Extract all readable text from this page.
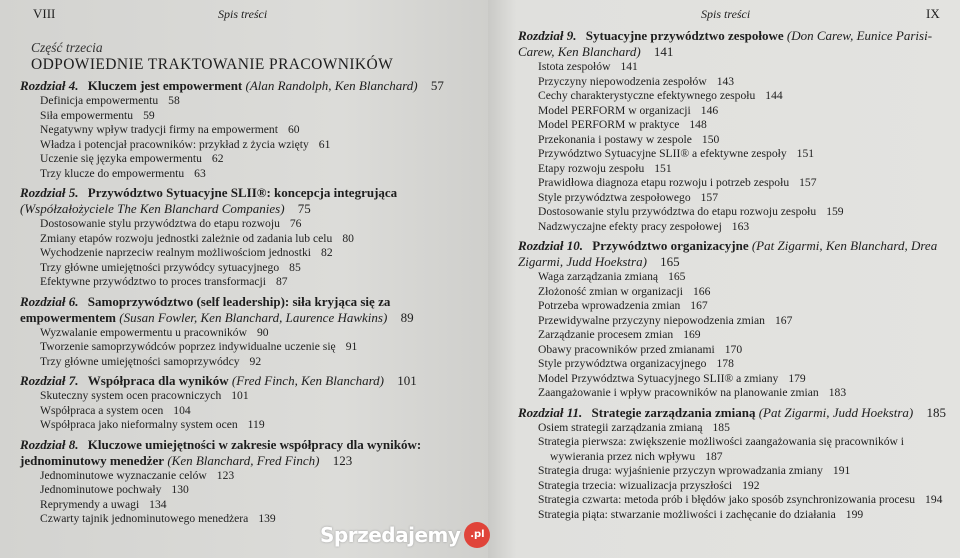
VIII	Spis treści
Część trzecia
ODPOWIEDNIE TRAKTOWANIE PRACOWNIKÓW
Rozdział 4. Kluczem jest empowerment (Alan Randolph, Ken Blanchard) 57
Definicja empowermentu 58
Siła empowermentu 59
Negatywny wpływ tradycji firmy na empowerment 60
Władza i potencjał pracowników: przykład z życia wzięty 61
Uczenie się języka empowermentu 62
Trzy klucze do empowermentu 63
Rozdział 5. Przywództwo Sytuacyjne SLII®: koncepcja integrująca (Współzałożyciele The Ken Blanchard Companies) 75
Dostosowanie stylu przywództwa do etapu rozwoju 76
Zmiany etapów rozwoju jednostki zależnie od zadania lub celu 80
Wychodzenie naprzeciw realnym możliwościom jednostki 82
Trzy główne umiejętności przywódcy sytuacyjnego 85
Efektywne przywództwo to proces transformacji 87
Rozdział 6. Samoprzywództwo (self leadership): siła kryjąca się za empowermentem (Susan Fowler, Ken Blanchard, Laurence Hawkins) 89
Wyzwalanie empowermentu u pracowników 90
Tworzenie samoprzywódców poprzez indywidualne uczenie się 91
Trzy główne umiejętności samoprzywódcy 92
Rozdział 7. Współpraca dla wyników (Fred Finch, Ken Blanchard) 101
Skuteczny system ocen pracowniczych 101
Współpraca a system ocen 104
Współpraca jako nieformalny system ocen 119
Rozdział 8. Kluczowe umiejętności w zakresie współpracy dla wyników: jednominutowy menedżer (Ken Blanchard, Fred Finch) 123
Jednominutowe wyznaczanie celów 123
Jednominutowe pochwały 130
Reprymendy a uwagi 134
Czwarty tajnik jednominutowego menedżera 139
Spis treści	IX
Rozdział 9. Sytuacyjne przywództwo zespołowe (Don Carew, Eunice Parisi-Carew, Ken Blanchard) 141
Istota zespołów 141
Przyczyny niepowodzenia zespołów 143
Cechy charakterystyczne efektywnego zespołu 144
Model PERFORM w organizacji 146
Model PERFORM w praktyce 148
Przekonania i postawy w zespole 150
Przywództwo Sytuacyjne SLII® a efektywne zespoły 151
Etapy rozwoju zespołu 151
Prawidłowa diagnoza etapu rozwoju i potrzeb zespołu 157
Style przywództwa zespołowego 157
Dostosowanie stylu przywództwa do etapu rozwoju zespołu 159
Nadzwyczajne efekty pracy zespołowej 163
Rozdział 10. Przywództwo organizacyjne (Pat Zigarmi, Ken Blanchard, Drea Zigarmi, Judd Hoekstra) 165
Waga zarządzania zmianą 165
Złożoność zmian w organizacji 166
Potrzeba wprowadzenia zmian 167
Przewidywalne przyczyny niepowodzenia zmian 167
Zarządzanie procesem zmian 169
Obawy pracowników przed zmianami 170
Style przywództwa organizacyjnego 178
Model Przywództwa Sytuacyjnego SLII® a zmiany 179
Zaangażowanie i wpływ pracowników na planowanie zmian 183
Rozdział 11. Strategie zarządzania zmianą (Pat Zigarmi, Judd Hoekstra) 185
Osiem strategii zarządzania zmianą 185
Strategia pierwsza: zwiększenie możliwości zaangażowania się pracowników i wywierania przez nich wpływu 187
Strategia druga: wyjaśnienie przyczyn wprowadzania zmiany 191
Strategia trzecia: wizualizacja przyszłości 192
Strategia czwarta: metoda prób i błędów jako sposób zsynchronizowania procesu 194
Strategia piąta: stwarzanie możliwości i zachęcanie do działania 199
Sprzedajemy .pl
